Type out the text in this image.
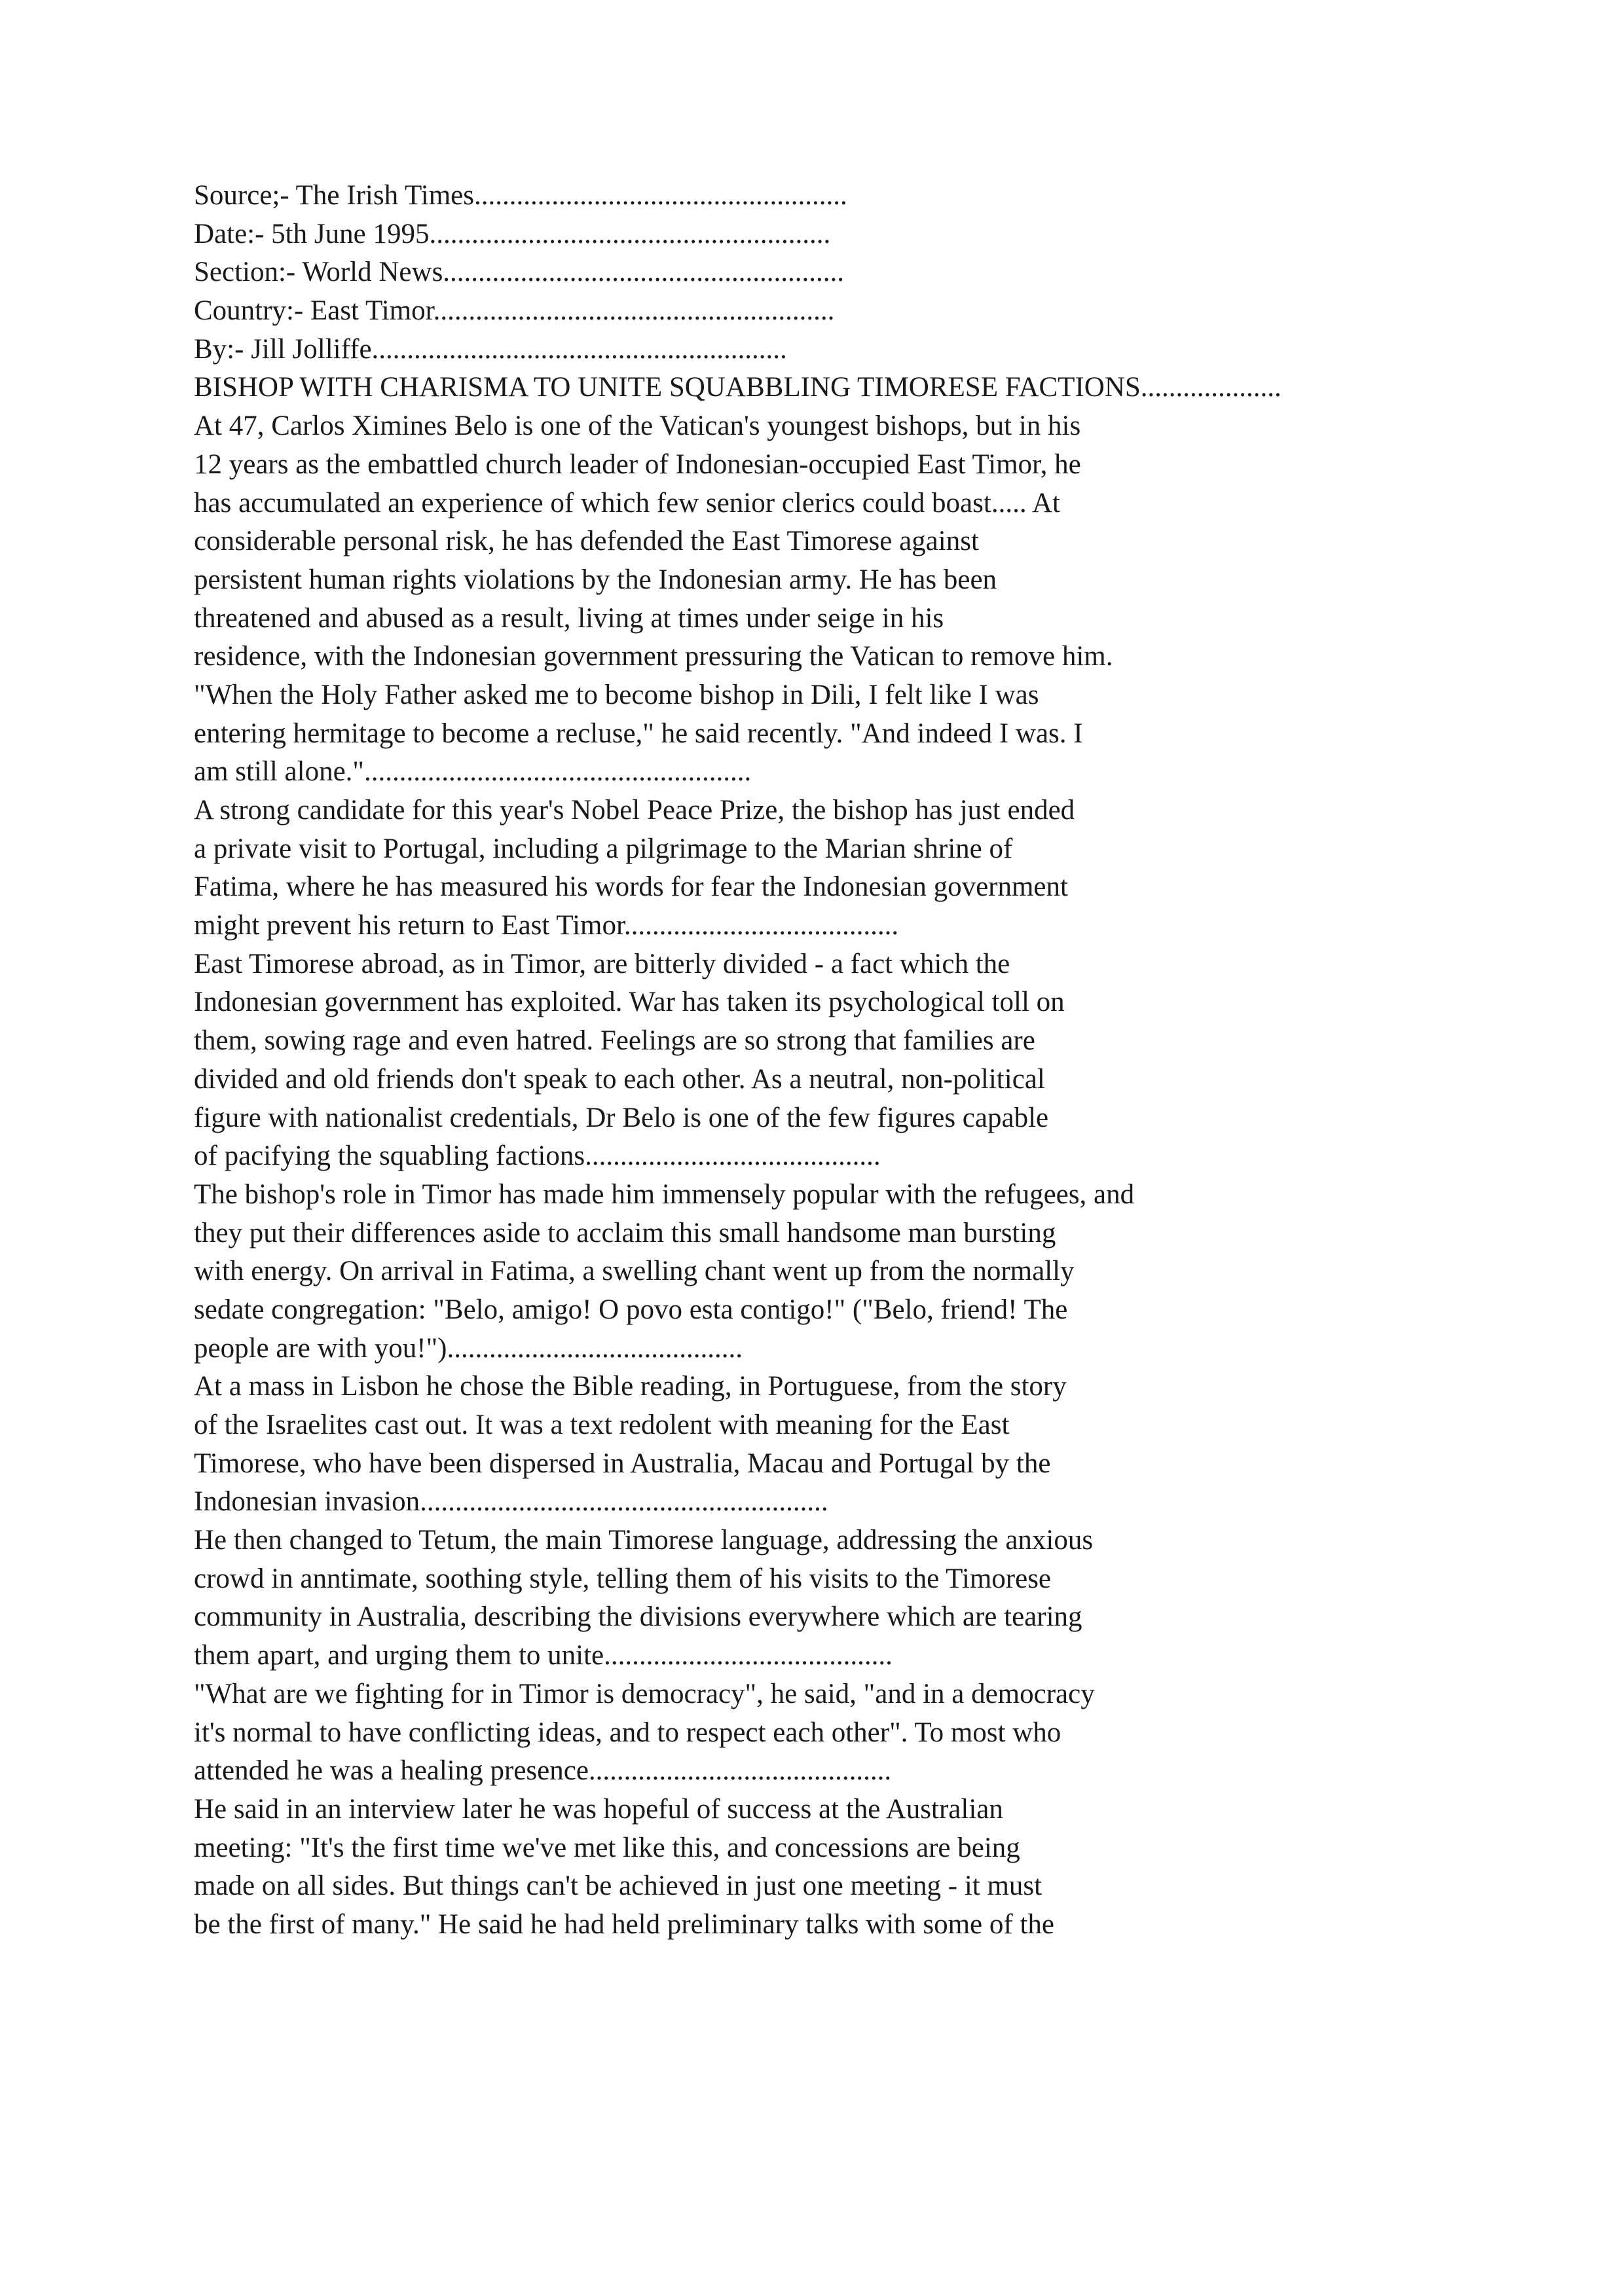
Source;- The Irish Times.....................................................
Date:- 5th June 1995.........................................................
Section:- World News.........................................................
Country:- East Timor.........................................................
By:- Jill Jolliffe...........................................................
BISHOP WITH CHARISMA TO UNITE SQUABBLING TIMORESE FACTIONS....................
At 47, Carlos Ximines Belo is one of the Vatican's youngest bishops, but in his
12 years as the embattled church leader of Indonesian-occupied East Timor, he
has accumulated an experience of which few senior clerics could boast..... At
considerable personal risk, he has defended the East Timorese against
persistent human rights violations by the Indonesian army. He has been
threatened and abused as a result, living at times under seige in his
residence, with the Indonesian government pressuring the Vatican to remove him.
"When the Holy Father asked me to become bishop in Dili, I felt like I was
entering hermitage to become a recluse," he said recently. "And indeed I was. I
am still alone.".......................................................
A strong candidate for this year's Nobel Peace Prize, the bishop has just ended
a private visit to Portugal, including a pilgrimage to the Marian shrine of
Fatima, where he has measured his words for fear the Indonesian government
might prevent his return to East Timor.......................................
East Timorese abroad, as in Timor, are bitterly divided - a fact which the
Indonesian government has exploited. War has taken its psychological toll on
them, sowing rage and even hatred. Feelings are so strong that families are
divided and old friends don't speak to each other. As a neutral, non-political
figure with nationalist credentials, Dr Belo is one of the few figures capable
of pacifying the squabling factions..........................................
The bishop's role in Timor has made him immensely popular with the refugees, and
they put their differences aside to acclaim this small handsome man bursting
with energy. On arrival in Fatima, a swelling chant went up from the normally
sedate congregation: "Belo, amigo! O povo esta contigo!" ("Belo, friend! The
people are with you!")..........................................
At a mass in Lisbon he chose the Bible reading, in Portuguese, from the story
of the Israelites cast out. It was a text redolent with meaning for the East
Timorese, who have been dispersed in Australia, Macau and Portugal by the
Indonesian invasion..........................................................
He then changed to Tetum, the main Timorese language, addressing the anxious
crowd in anntimate, soothing style, telling them of his visits to the Timorese
community in Australia, describing the divisions everywhere which are tearing
them apart, and urging them to unite.........................................
"What are we fighting for in Timor is democracy", he said, "and in a democracy
it's normal to have conflicting ideas, and to respect each other". To most who
attended he was a healing presence...........................................
He said in an interview later he was hopeful of success at the Australian
meeting: "It's the first time we've met like this, and concessions are being
made on all sides. But things can't be achieved in just one meeting - it must
be the first of many." He said he had held preliminary talks with some of the
